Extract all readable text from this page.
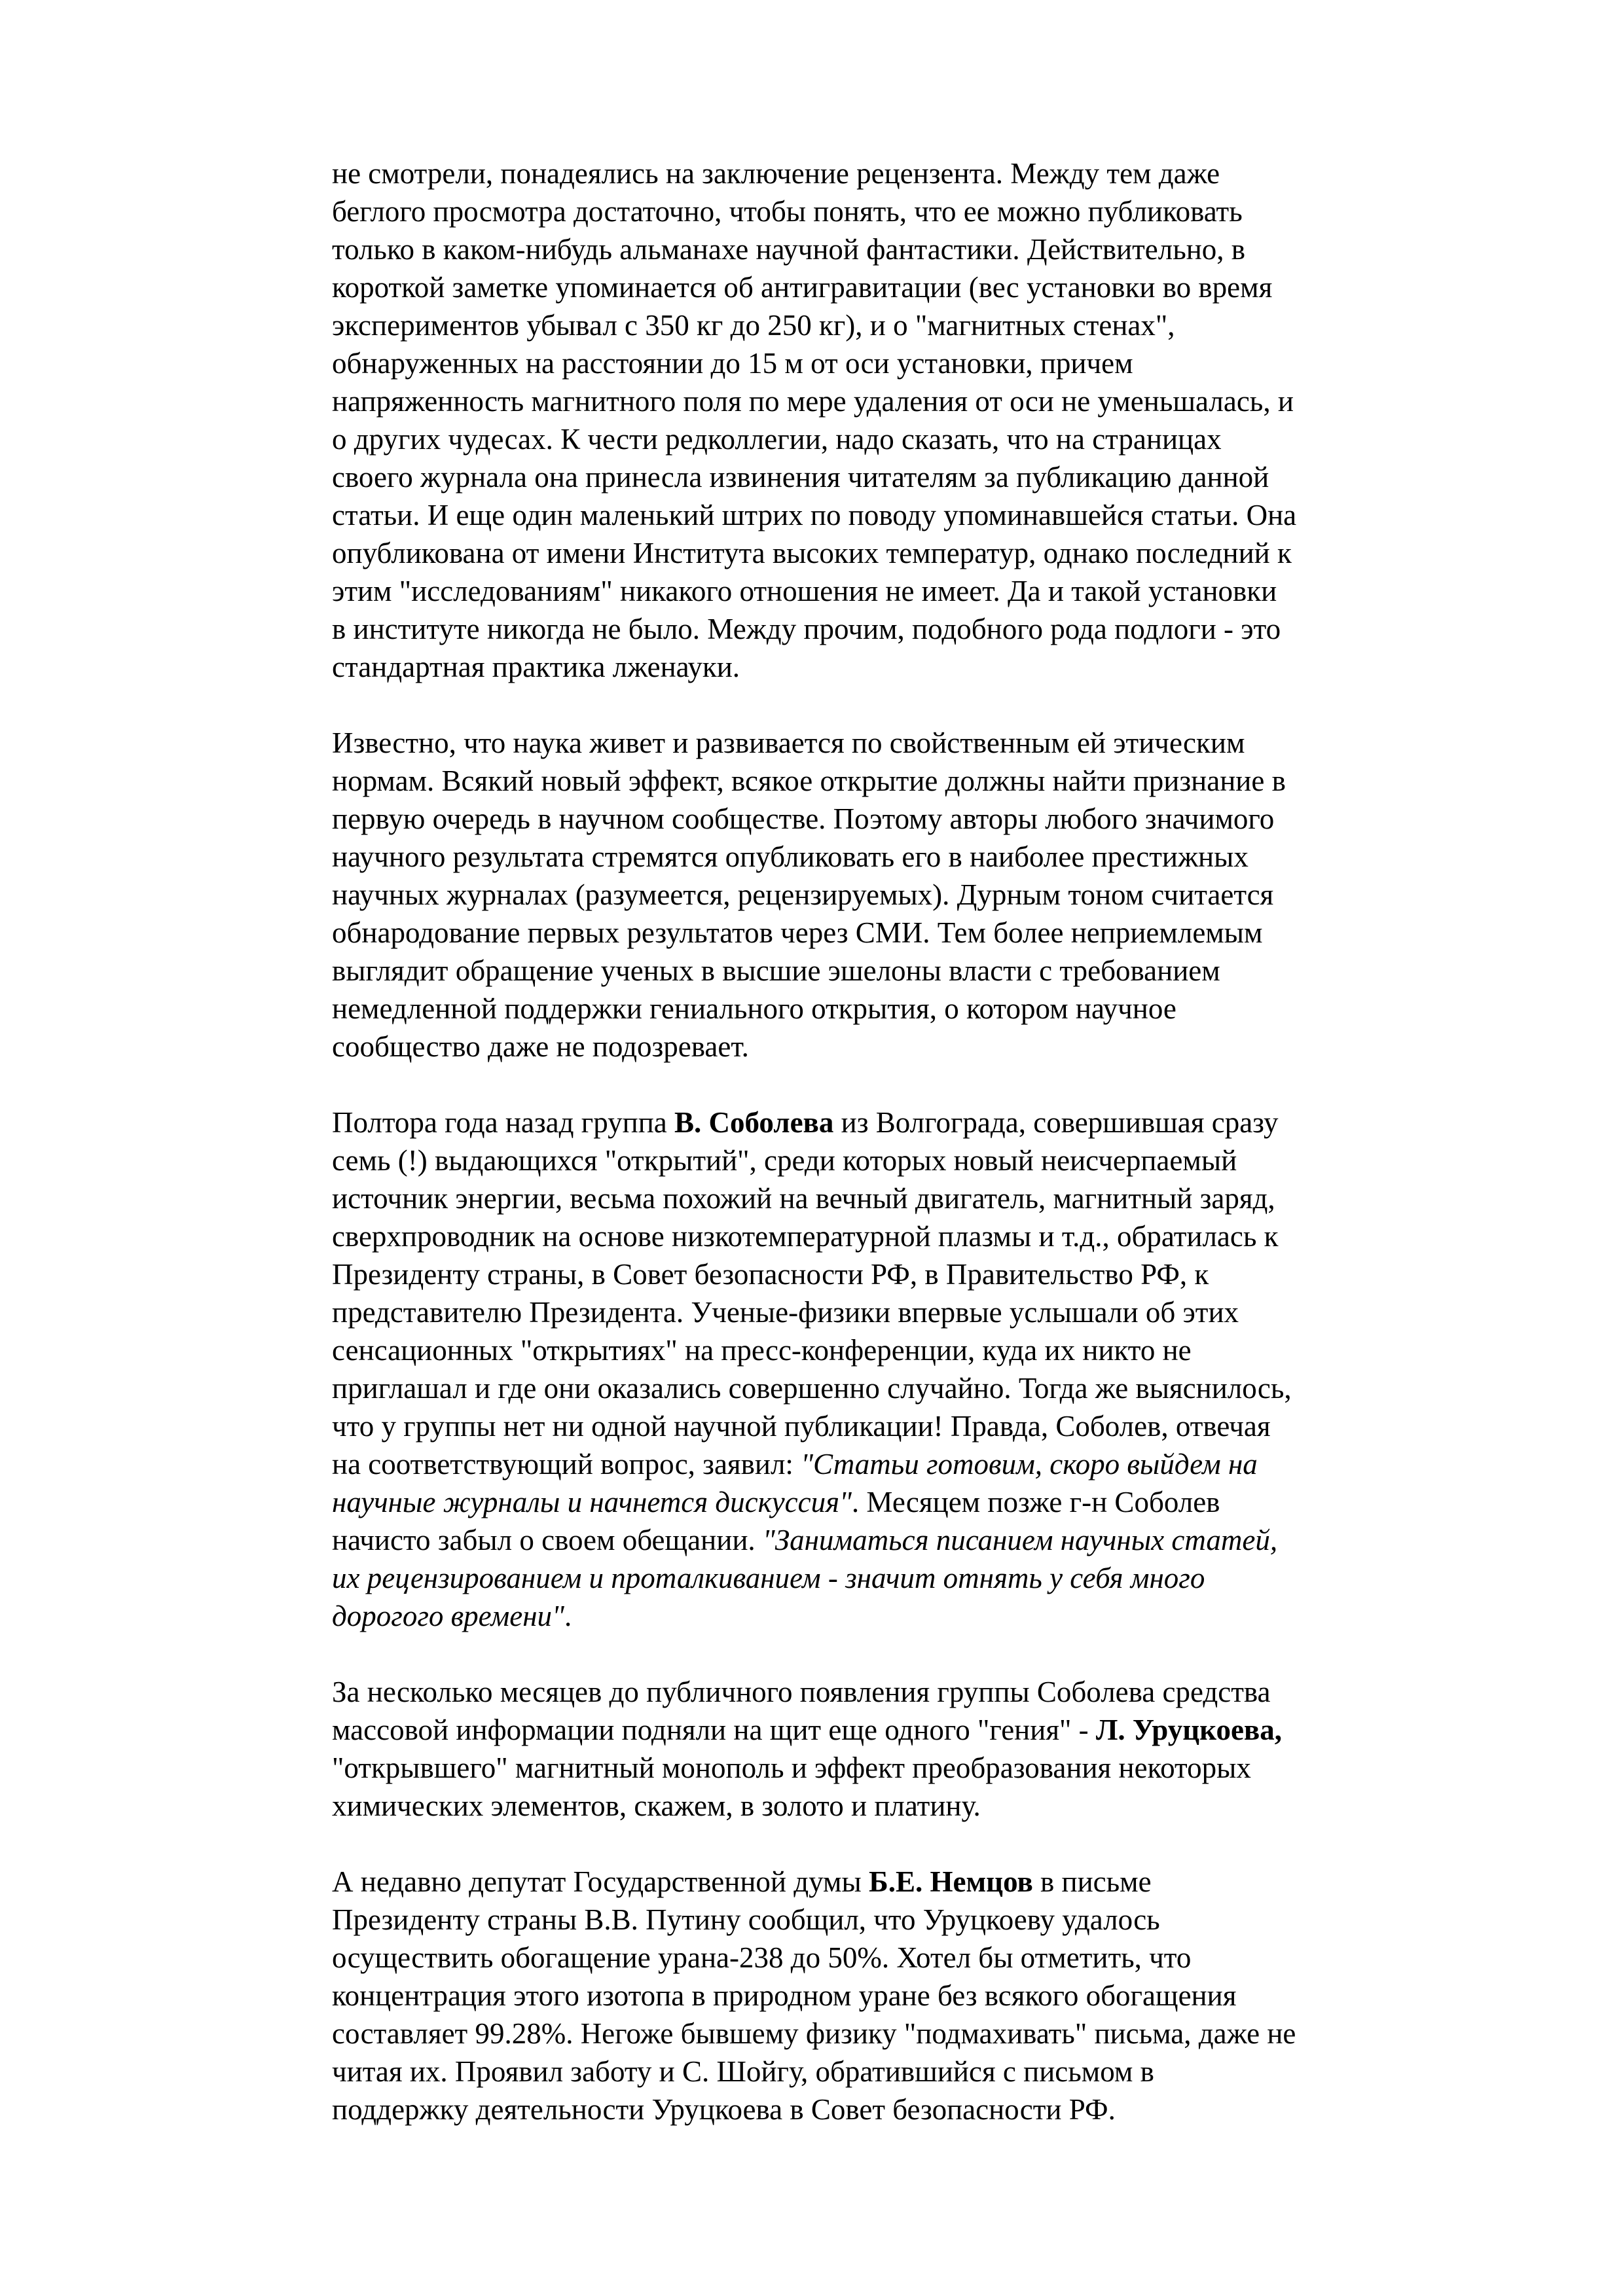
не смотрели, понадеялись на заключение рецензента. Между тем даже
беглого просмотра достаточно, чтобы понять, что ее можно публиковать
только в каком-нибудь альманахе научной фантастики. Действительно, в
короткой заметке упоминается об антигравитации (вес установки во время
экспериментов убывал с 350 кг до 250 кг), и о "магнитных стенах",
обнаруженных на расстоянии до 15 м от оси установки, причем
напряженность магнитного поля по мере удаления от оси не уменьшалась, и
о других чудесах. К чести редколлегии, надо сказать, что на страницах
своего журнала она принесла извинения читателям за публикацию данной
статьи. И еще один маленький штрих по поводу упоминавшейся статьи. Она
опубликована от имени Института высоких температур, однако последний к
этим "исследованиям" никакого отношения не имеет. Да и такой установки
в институте никогда не было. Между прочим, подобного рода подлоги - это
стандартная практика лженауки.
Известно, что наука живет и развивается по свойственным ей этическим
нормам. Всякий новый эффект, всякое открытие должны найти признание в
первую очередь в научном сообществе. Поэтому авторы любого значимого
научного результата стремятся опубликовать его в наиболее престижных
научных журналах (разумеется, рецензируемых). Дурным тоном считается
обнародование первых результатов через СМИ. Тем более неприемлемым
выглядит обращение ученых в высшие эшелоны власти с требованием
немедленной поддержки гениального открытия, о котором научное
сообщество даже не подозревает.
Полтора года назад группа В. Соболева из Волгограда, совершившая сразу
семь (!) выдающихся "открытий", среди которых новый неисчерпаемый
источник энергии, весьма похожий на вечный двигатель, магнитный заряд,
сверхпроводник на основе низкотемпературной плазмы и т.д., обратилась к
Президенту страны, в Совет безопасности РФ, в Правительство РФ, к
представителю Президента. Ученые-физики впервые услышали об этих
сенсационных "открытиях" на пресс-конференции, куда их никто не
приглашал и где они оказались совершенно случайно. Тогда же выяснилось,
что у группы нет ни одной научной публикации! Правда, Соболев, отвечая
на соответствующий вопрос, заявил: "Статьи готовим, скоро выйдем на
научные журналы и начнется дискуссия". Месяцем позже г-н Соболев
начисто забыл о своем обещании. "Заниматься писанием научных статей,
их рецензированием и проталкиванием - значит отнять у себя много
дорогого времени".
За несколько месяцев до публичного появления группы Соболева средства
массовой информации подняли на щит еще одного "гения" - Л. Уруцкоева,
"открывшего" магнитный монополь и эффект преобразования некоторых
химических элементов, скажем, в золото и платину.
А недавно депутат Государственной думы Б.Е. Немцов в письме
Президенту страны В.В. Путину сообщил, что Уруцкоеву удалось
осуществить обогащение урана-238 до 50%. Хотел бы отметить, что
концентрация этого изотопа в природном уране без всякого обогащения
составляет 99.28%. Негоже бывшему физику "подмахивать" письма, даже не
читая их. Проявил заботу и С. Шойгу, обратившийся с письмом в
поддержку деятельности Уруцкоева в Совет безопасности РФ.
